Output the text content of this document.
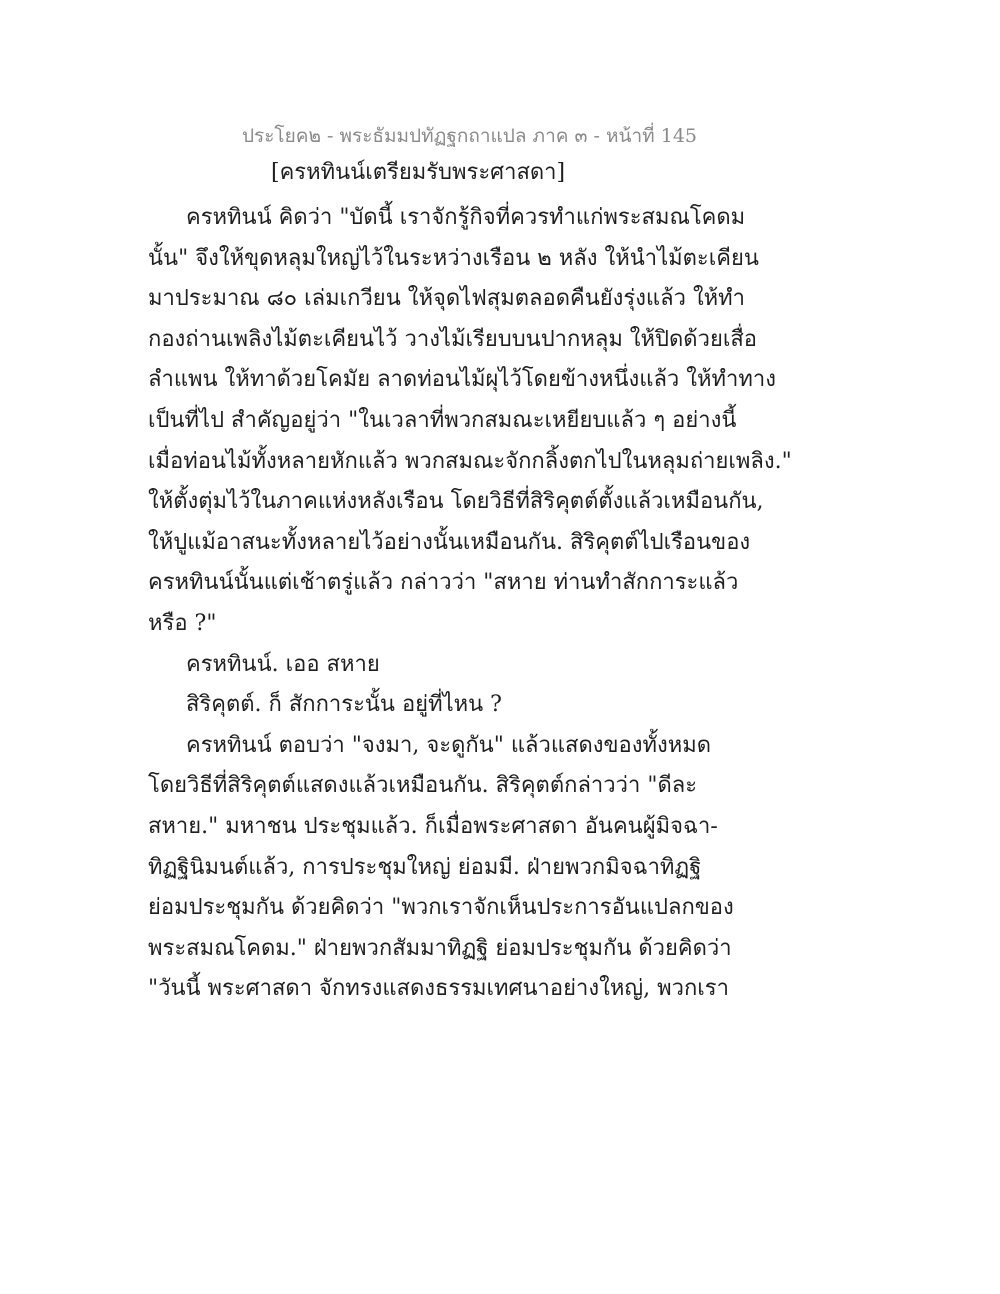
ประโยค๒ - พระธัมมปทัฏฐกถาแปล ภาค ๓ - หน้าที่ 145
[ครหทินน์เตรียมรับพระศาสดา]
ครหทินน์ คิดว่า "บัดนี้ เราจักรู้กิจที่ควรทำแก่พระสมณโคดม
นั้น" จึงให้ขุดหลุมใหญ่ไว้ในระหว่างเรือน ๒ หลัง ให้นำไม้ตะเคียน
มาประมาณ ๘๐ เล่มเกวียน ให้จุดไฟสุมตลอดคืนยังรุ่งแล้ว ให้ทำ
กองถ่านเพลิงไม้ตะเคียนไว้ วางไม้เรียบบนปากหลุม ให้ปิดด้วยเสื่อ
ลำแพน ให้ทาด้วยโคมัย ลาดท่อนไม้ผุไว้โดยข้างหนึ่งแล้ว ให้ทำทาง
เป็นที่ไป สำคัญอยู่ว่า "ในเวลาที่พวกสมณะเหยียบแล้ว ๆ อย่างนี้
เมื่อท่อนไม้ทั้งหลายหักแล้ว พวกสมณะจักกลิ้งตกไปในหลุมถ่ายเพลิง."
ให้ตั้งตุ่มไว้ในภาคแห่งหลังเรือน โดยวิธีที่สิริคุตต์ตั้งแล้วเหมือนกัน,
ให้ปูแม้อาสนะทั้งหลายไว้อย่างนั้นเหมือนกัน. สิริคุตต์ไปเรือนของ
ครหทินน์นั้นแต่เช้าตรู่แล้ว กล่าวว่า "สหาย ท่านทำสักการะแล้ว
หรือ ?"
ครหทินน์. เออ สหาย
สิริคุตต์. ก็ สักการะนั้น อยู่ที่ไหน ?
ครหทินน์ ตอบว่า "จงมา, จะดูกัน" แล้วแสดงของทั้งหมด
โดยวิธีที่สิริคุตต์แสดงแล้วเหมือนกัน. สิริคุตต์กล่าวว่า "ดีละ
สหาย." มหาชน ประชุมแล้ว. ก็เมื่อพระศาสดา อันคนผู้มิจฉา-
ทิฏฐินิมนต์แล้ว, การประชุมใหญ่ ย่อมมี. ฝ่ายพวกมิจฉาทิฏฐิ
ย่อมประชุมกัน ด้วยคิดว่า "พวกเราจักเห็นประการอันแปลกของ
พระสมณโคดม." ฝ่ายพวกสัมมาทิฏฐิ ย่อมประชุมกัน ด้วยคิดว่า
"วันนี้ พระศาสดา จักทรงแสดงธรรมเทศนาอย่างใหญ่, พวกเรา
